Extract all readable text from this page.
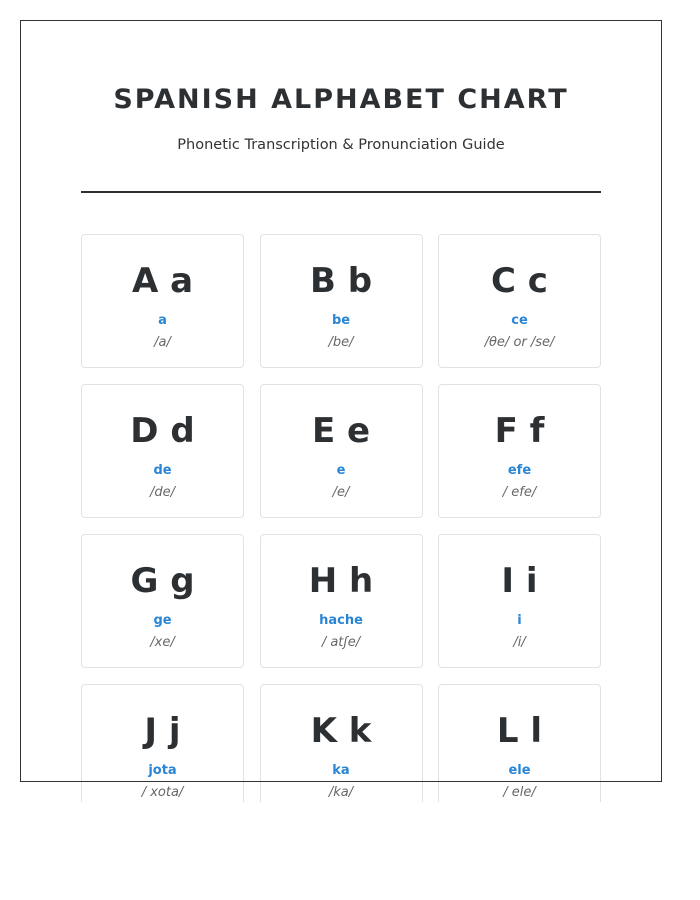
SPANISH ALPHABET CHART
Phonetic Transcription & Pronunciation Guide
A a
a
/a/
B b
be
/be/
C c
ce
/θe/ or /se/
D d
de
/de/
E e
e
/e/
F f
efe
/ efe/
G g
ge
/xe/
H h
hache
/ atʃe/
I i
i
/i/
J j
jota
/ xota/
K k
ka
/ka/
L l
ele
/ ele/
